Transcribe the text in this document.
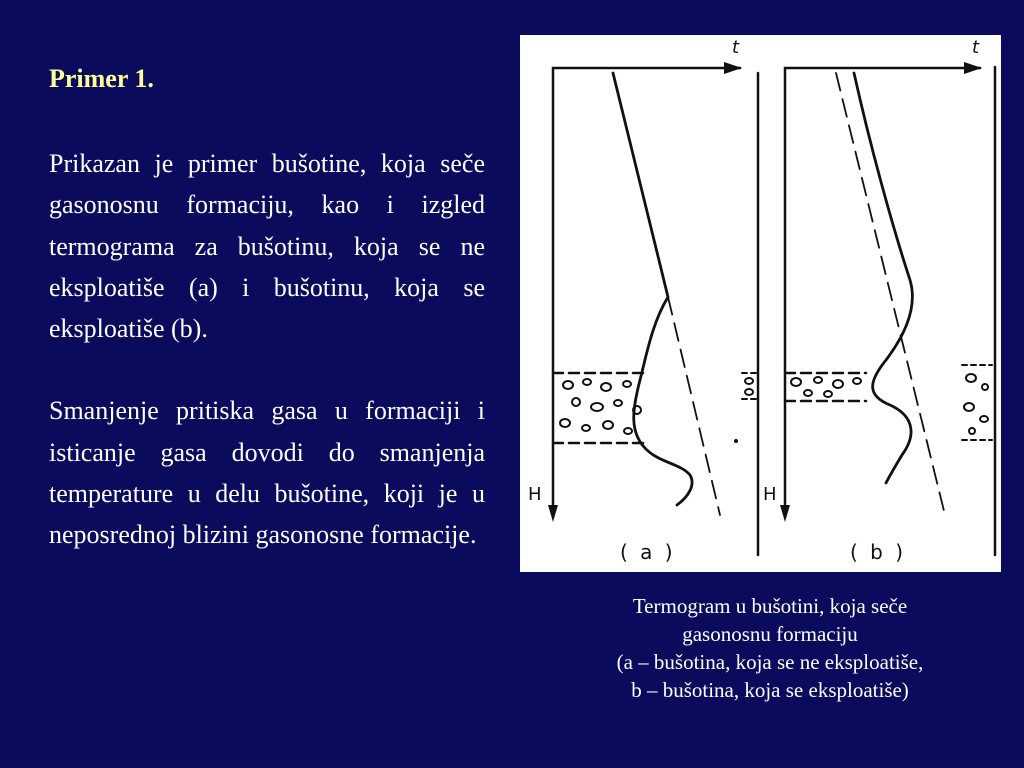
Primer 1.

Prikazan je primer bušotine, koja seče gasonosnu formaciju, kao i izgled termograma za bušotinu, koja se ne eksploatiše (a) i bušotinu, koja se eksploatiše (b).

Smanjenje pritiska gasa u formaciji i isticanje gasa dovodi do smanjenja temperature u delu bušotine, koji je u neposrednoj blizini gasonosne formacije.

t	t
H	H
( a )	( b )
Termogram u bušotini, koja seče
gasonosnu formaciju
(a – bušotina, koja se ne eksploatiše,
b – bušotina, koja se eksploatiše)
